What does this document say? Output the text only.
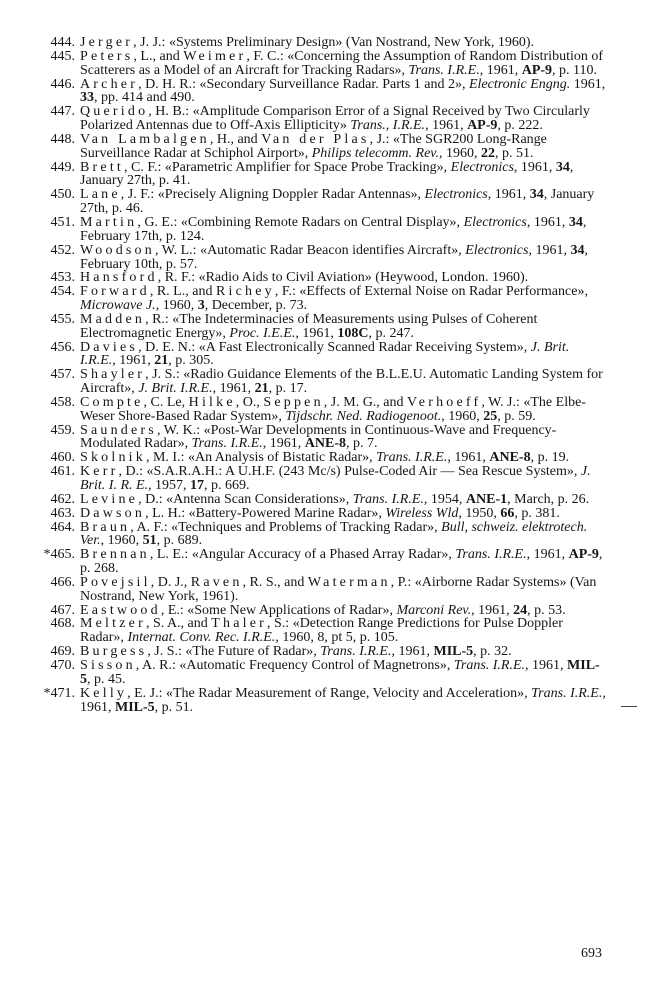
444. Jerger, J. J.: «Systems Preliminary Design» (Van Nostrand, New York, 1960).

445. Peters, L., and Weimer, F. C.: «Concerning the Assumption of Random Distribution of Scatterers as a Model of an Aircraft for Tracking Radars», Trans. I.R.E., 1961, AP-9, p. 110.

446. Archer, D. H. R.: «Secondary Surveillance Radar. Parts 1 and 2», Electronic Engng. 1961, 33, pp. 414 and 490.

447. Querido, H. B.: «Amplitude Comparison Error of a Signal Received by Two Circularly Polarized Antennas due to Off-Axis Ellipticity» Trans., I.R.E., 1961, AP-9, p. 222.

448. Van Lambalgen, H., and Van der Plas, J.: «The SGR200 Long-Range Surveillance Radar at Schiphol Airport», Philips telecomm. Rev., 1960, 22, p. 51.

449. Brett, C. F.: «Parametric Amplifier for Space Probe Tracking», Electronics, 1961, 34, January 27th, p. 41.

450. Lane, J. F.: «Precisely Aligning Doppler Radar Antennas», Electronics, 1961, 34, January 27th, p. 46.

451. Martin, G. E.: «Combining Remote Radars on Central Display», Electronics, 1961, 34, February 17th, p. 124.

452. Woodson, W. L.: «Automatic Radar Beacon identifies Aircraft», Electronics, 1961, 34, February 10th, p. 57.

453. Hansford, R. F.: «Radio Aids to Civil Aviation» (Heywood, London. 1960).

454. Forward, R. L., and Richey, F.: «Effects of External Noise on Radar Performance», Microwave J., 1960, 3, December, p. 73.

455. Madden, R.: «The Indeterminacies of Measurements using Pulses of Coherent Electromagnetic Energy», Proc. I.E.E., 1961, 108C, p. 247.

456. Davies, D. E. N.: «A Fast Electronically Scanned Radar Receiving System», J. Brit. I.R.E., 1961, 21, p. 305.

457. Shayler, J. S.: «Radio Guidance Elements of the B.L.E.U. Automatic Landing System for Aircraft», J. Brit. I.R.E., 1961, 21, p. 17.

458. Compte, C. Le, Hilke, O., Seppen, J. M. G., and Verhoeff, W. J.: «The Elbe-Weser Shore-Based Radar System», Tijdschr. Ned. Radiogenoot., 1960, 25, p. 59.

459. Saunders, W. K.: «Post-War Developments in Continuous-Wave and Frequency-Modulated Radar», Trans. I.R.E., 1961, ANE-8, p. 7.

460. Skolnik, M. I.: «An Analysis of Bistatic Radar», Trans. I.R.E., 1961, ANE-8, p. 19.

461. Kerr, D.: «S.A.R.A.H.: A U.H.F. (243 Mc/s) Pulse-Coded Air — Sea Rescue System», J. Brit. I. R. E., 1957, 17, p. 669.

462. Levine, D.: «Antenna Scan Considerations», Trans. I.R.E., 1954, ANE-1, March, p. 26.

463. Dawson, L. H.: «Battery-Powered Marine Radar», Wireless Wld, 1950, 66, p. 381.

464. Braun, A. F.: «Techniques and Problems of Tracking Radar», Bull, schweiz. elektrotech. Ver., 1960, 51, p. 689.

*465. Brennan, L. E.: «Angular Accuracy of a Phased Array Radar», Trans. I.R.E., 1961, AP-9, p. 268.

466. Povejsil, D. J., Raven, R. S., and Waterman, P.: «Airborne Radar Systems» (Van Nostrand, New York, 1961).

467. Eastwood, E.: «Some New Applications of Radar», Marconi Rev., 1961, 24, p. 53.

468. Meltzer, S. A., and Thaler, S.: «Detection Range Predictions for Pulse Doppler Radar», Internat. Conv. Rec. I.R.E., 1960, 8, pt 5, p. 105.

469. Burgess, J. S.: «The Future of Radar», Trans. I.R.E., 1961, MIL-5, p. 32.

470. Sisson, A. R.: «Automatic Frequency Control of Magnetrons», Trans. I.R.E., 1961, MIL-5, p. 45.

*471. Kelly, E. J.: «The Radar Measurement of Range, Velocity and Acceleration», Trans. I.R.E., 1961, MIL-5, p. 51.

693
